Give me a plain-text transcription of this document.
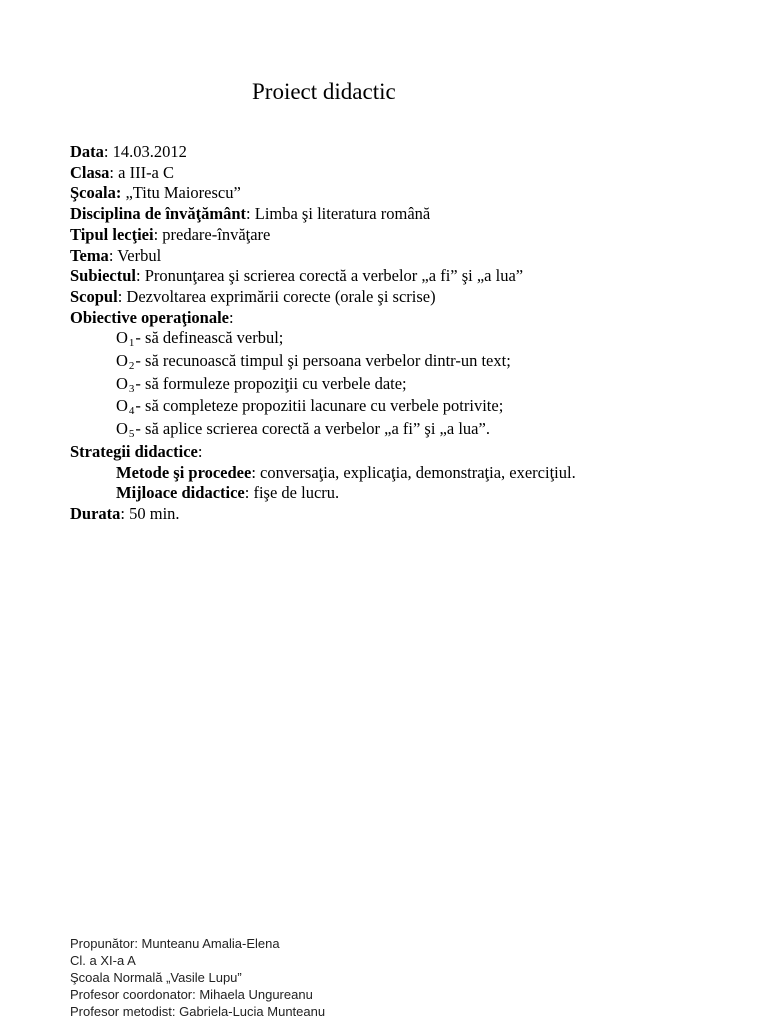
Proiect didactic
Data: 14.03.2012
Clasa: a III-a C
Şcoala: „Titu Maiorescu”
Disciplina de învăţământ: Limba şi literatura română
Tipul lecţiei: predare-învăţare
Tema: Verbul
Subiectul: Pronunţarea şi scrierea corectă a verbelor „a fi” şi „a lua”
Scopul: Dezvoltarea exprimării corecte (orale şi scrise)
Obiective operaţionale:
O1- să definească verbul;
O2- să recunoască timpul şi persoana verbelor dintr-un text;
O3- să formuleze propoziţii cu verbele date;
O4- să completeze propozitii lacunare cu verbele potrivite;
O5- să aplice scrierea corectă a verbelor „a fi” şi „a lua”.
Strategii didactice:
Metode şi procedee: conversaţia, explicaţia, demonstraţia, exerciţiul.
Mijloace didactice: fişe de lucru.
Durata: 50 min.
Propunător: Munteanu Amalia-Elena
Cl. a XI-a A
Şcoala Normală „Vasile Lupu”
Profesor coordonator: Mihaela Ungureanu
Profesor metodist: Gabriela-Lucia Munteanu
